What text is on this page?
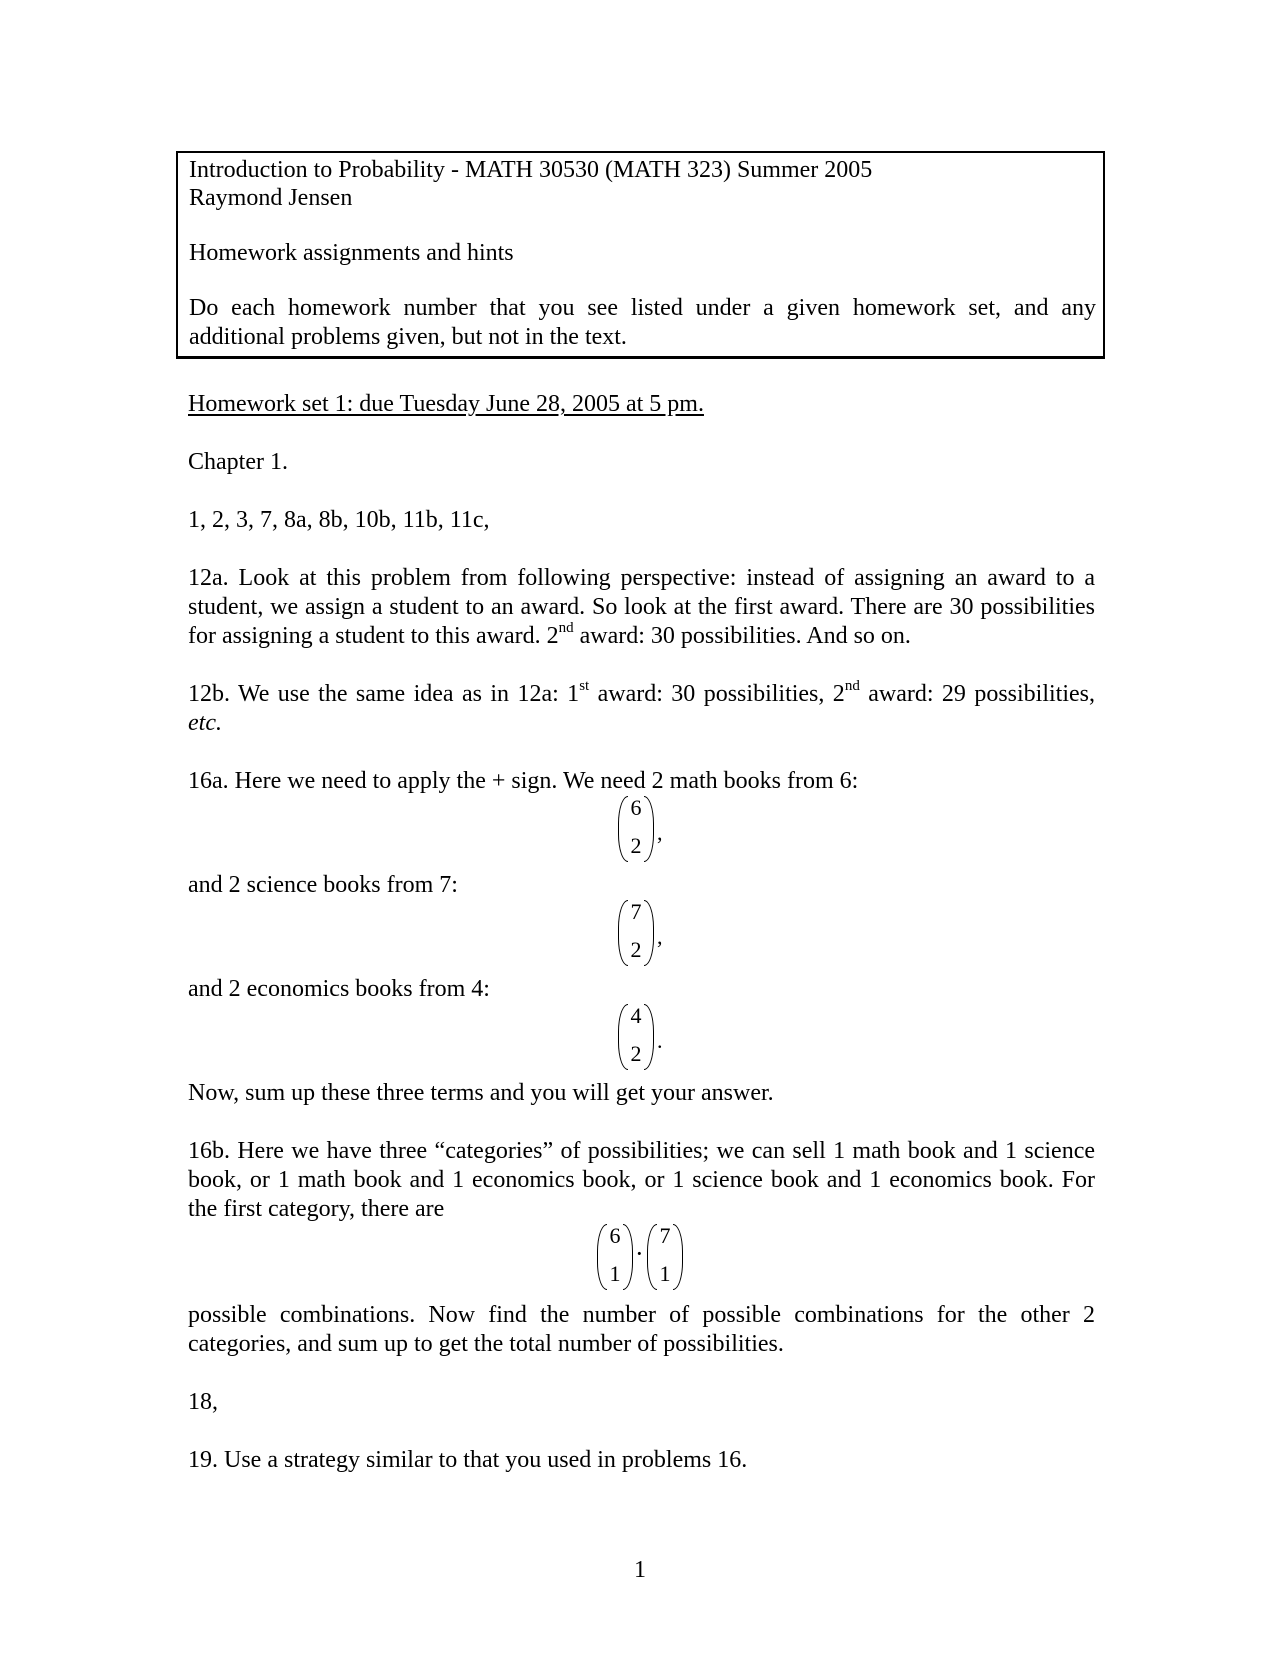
Introduction to Probability - MATH 30530 (MATH 323) Summer 2005
Raymond Jensen
Homework assignments and hints
Do each homework number that you see listed under a given homework set, and any additional problems given, but not in the text.
Homework set 1: due Tuesday June 28, 2005 at 5 pm.
Chapter 1.
1, 2, 3, 7, 8a, 8b, 10b, 11b, 11c,
12a. Look at this problem from following perspective: instead of assigning an award to a student, we assign a student to an award. So look at the first award. There are 30 possibilities for assigning a student to this award. 2nd award: 30 possibilities. And so on.
12b. We use the same idea as in 12a: 1st award: 30 possibilities, 2nd award: 29 possibilities, etc.
16a. Here we need to apply the + sign. We need 2 math books from 6:
6
2
,
and 2 science books from 7:
7
2
,
and 2 economics books from 4:
4
2
.
Now, sum up these three terms and you will get your answer.
16b. Here we have three “categories” of possibilities; we can sell 1 math book and 1 science book, or 1 math book and 1 economics book, or 1 science book and 1 economics book. For the first category, there are
6
1
·
7
1
possible combinations. Now find the number of possible combinations for the other 2 categories, and sum up to get the total number of possibilities.
18,
19. Use a strategy similar to that you used in problems 16.
1
